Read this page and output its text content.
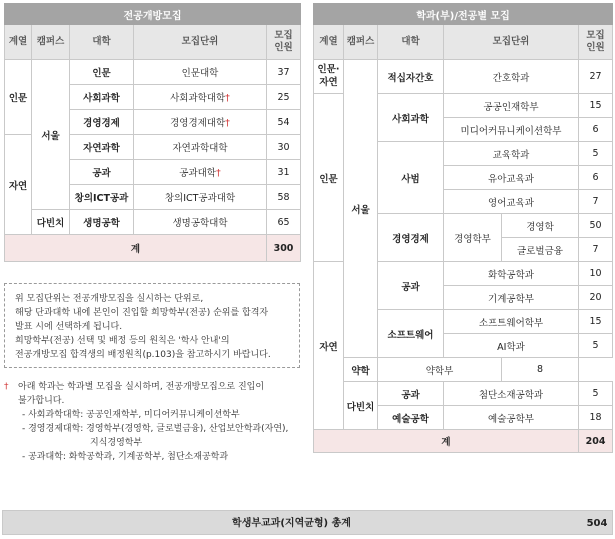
전공개방모집				
계열	캠퍼스	대학	모집단위	모집
인원
인문	서울	인문	인문대학	37
		사회과학	사회과학대학†	25
		경영경제	경영경제대학†	54
자연		자연과학	자연과학대학	30
		공과	공과대학†	31
		창의ICT공과	창의ICT공과대학	58
	다빈치	생명공학	생명공학대학	65
계				300

위 모집단위는 전공개방모집을 실시하는 단위로,

해당 단과대학 내에 본인이 진입할 희망학부(전공) 순위를 합격자

발표 시에 선택하게 됩니다.

희망학부(전공) 선택 및 배정 등의 원칙은 '학사 안내'의

전공개방모집 합격생의 배정원칙(p.103)을 참고하시기 바랍니다.

†	아래 학과는 학과별 모집을 실시하며, 전공개방모집으로 진입이

불가합니다.

- 사회과학대학: 공공인재학부, 미디어커뮤니케이션학부

- 경영경제대학: 경영학부(경영학, 글로벌금융), 산업보안학과(자연),

지식경영학부

- 공과대학: 화학공학과, 기계공학부, 첨단소재공학과

학과(부)/전공별 모집					
계열	캠퍼스	대학	모집단위		모집
인원
인문·
자연	서울	적십자간호	간호학과		27
인문		사회과학	공공인재학부		15
			미디어커뮤니케이션학부		6
		사범	교육학과		5
			유아교육과		6
			영어교육과		7
		경영경제	경영학부	경영학	50
				글로벌금융	7
자연		공과	화학공학과		10
			기계공학부		20
		소프트웨어	소프트웨어학부		15
			AI학과		5
	약학	약학부		8	
	다빈치	공과	첨단소재공학과		5
		예술공학	예술공학부		18
계					204
학생부교과(지역균형) 총계	504
